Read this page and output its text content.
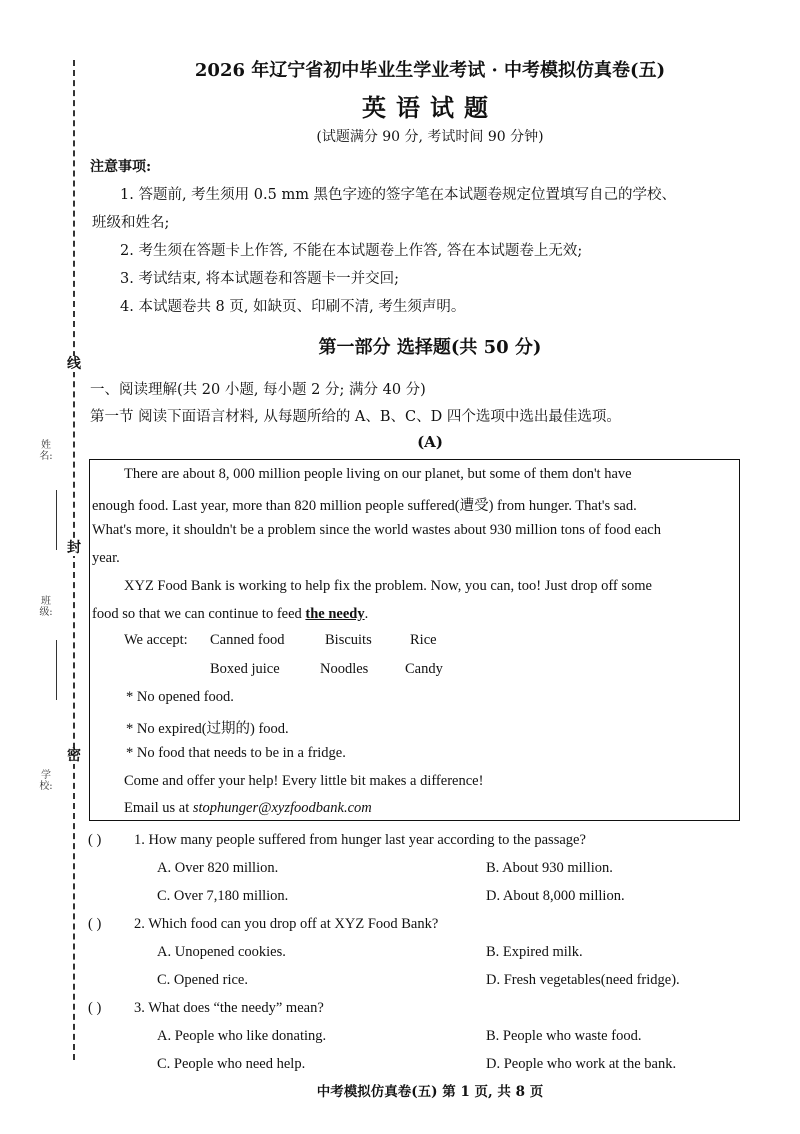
线
封
密
姓名:
班级:
学校:
2026 年辽宁省初中毕业生学业考试 · 中考模拟仿真卷(五)
英语试题
(试题满分 90 分, 考试时间 90 分钟)
注意事项:
1. 答题前, 考生须用 0.5 mm 黑色字迹的签字笔在本试题卷规定位置填写自己的学校、
班级和姓名;
2. 考生须在答题卡上作答, 不能在本试题卷上作答, 答在本试题卷上无效;
3. 考试结束, 将本试题卷和答题卡一并交回;
4. 本试题卷共 8 页, 如缺页、印刷不清, 考生须声明。
第一部分 选择题(共 50 分)
一、阅读理解(共 20 小题, 每小题 2 分; 满分 40 分)
第一节 阅读下面语言材料, 从每题所给的 A、B、C、D 四个选项中选出最佳选项。
(A)
There are about 8, 000 million people living on our planet, but some of them don't have
enough food. Last year, more than 820 million people suffered(遭受) from hunger. That's sad.
What's more, it shouldn't be a problem since the world wastes about 930 million tons of food each
year.
XYZ Food Bank is working to help fix the problem. Now, you can, too! Just drop off some
food so that we can continue to feed the needy.
We accept: Canned food	Biscuits	Rice
Boxed juice	Noodles	Candy
* No opened food.
* No expired(过期的) food.
* No food that needs to be in a fridge.
Come and offer your help! Every little bit makes a difference!
Email us at stophunger@xyzfoodbank.com
( ) 1. How many people suffered from hunger last year according to the passage?
A. Over 820 million.	B. About 930 million.
C. Over 7,180 million.	D. About 8,000 million.
( ) 2. Which food can you drop off at XYZ Food Bank?
A. Unopened cookies.	B. Expired milk.
C. Opened rice.	D. Fresh vegetables(need fridge).
( ) 3. What does “the needy” mean?
A. People who like donating.	B. People who waste food.
C. People who need help.	D. People who work at the bank.
中考模拟仿真卷(五) 第 1 页, 共 8 页
